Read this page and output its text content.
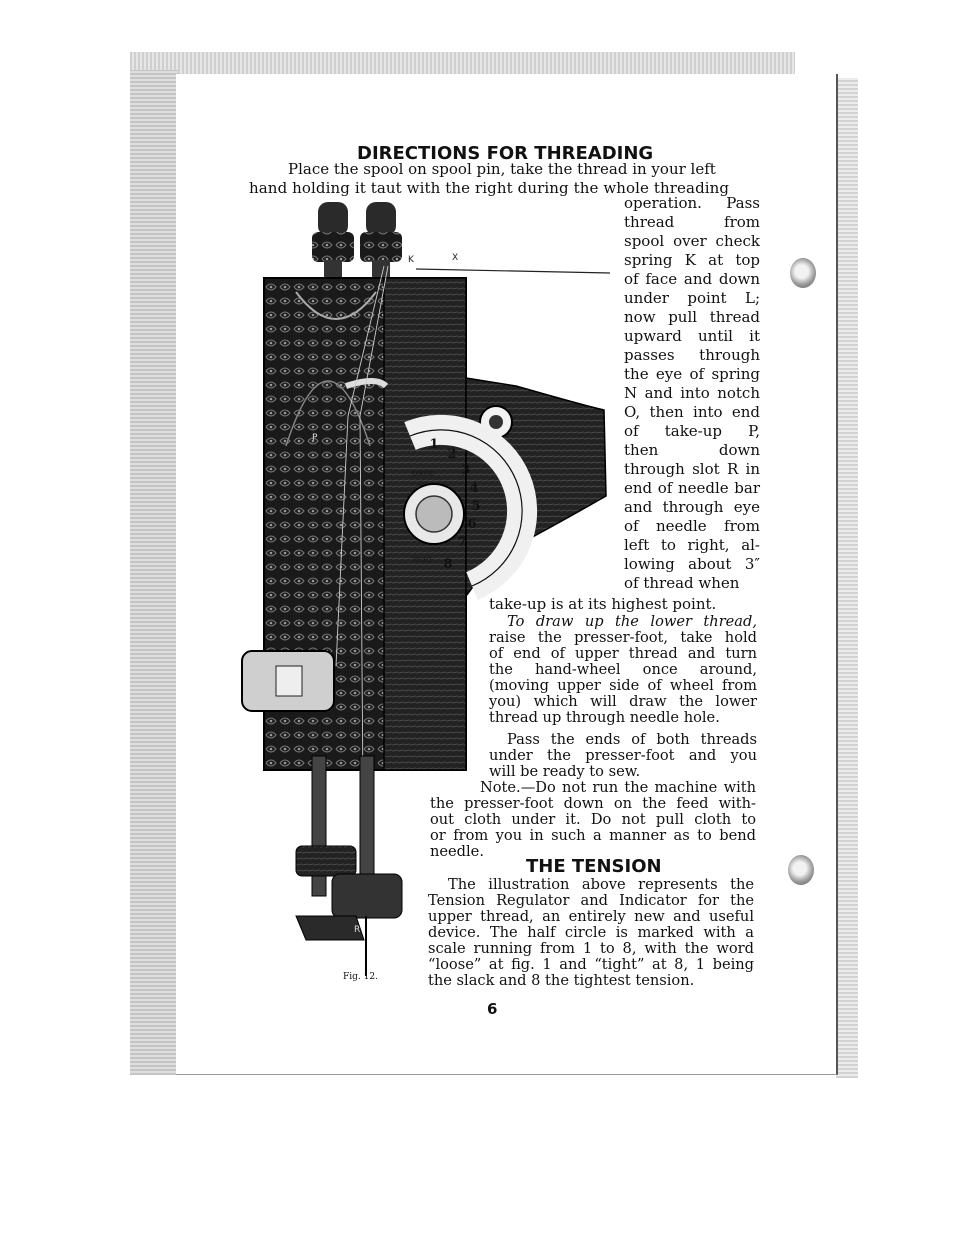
DIRECTIONS FOR THREADING
Place the spool on spool pin, take the thread in your left
hand holding it taut with the right during the whole threading
K	X
P	1
2
3
4
5
6
7
8
LOOSE
TIGHT
R
operation. Pass
thread from
spool over check
spring K at top
of face and down
under point L;
now pull thread
upward until it
passes through
the eye of spring
N and into notch
O, then into end
of take-up P,
then down
through slot R in
end of needle bar
and through eye
of needle from
left to right, al-
lowing about 3″
of thread when
take-up is at its highest point.
To draw up the lower thread,
raise the presser-foot, take hold
of end of upper thread and turn
the hand-wheel once around,
(moving upper side of wheel from
you) which will draw the lower
thread up through needle hole.
Pass the ends of both threads
under the presser-foot and you
will be ready to sew.
Note.—Do not run the machine with
the presser-foot down on the feed with-
out cloth under it. Do not pull cloth to
or from you in such a manner as to bend
needle.
THE TENSION
The illustration above represents the
Tension Regulator and Indicator for the
upper thread, an entirely new and useful
device. The half circle is marked with a
scale running from 1 to 8, with the word
“loose” at fig. 1 and “tight” at 8, 1 being
the slack and 8 the tightest tension.
Fig. 12.
6
